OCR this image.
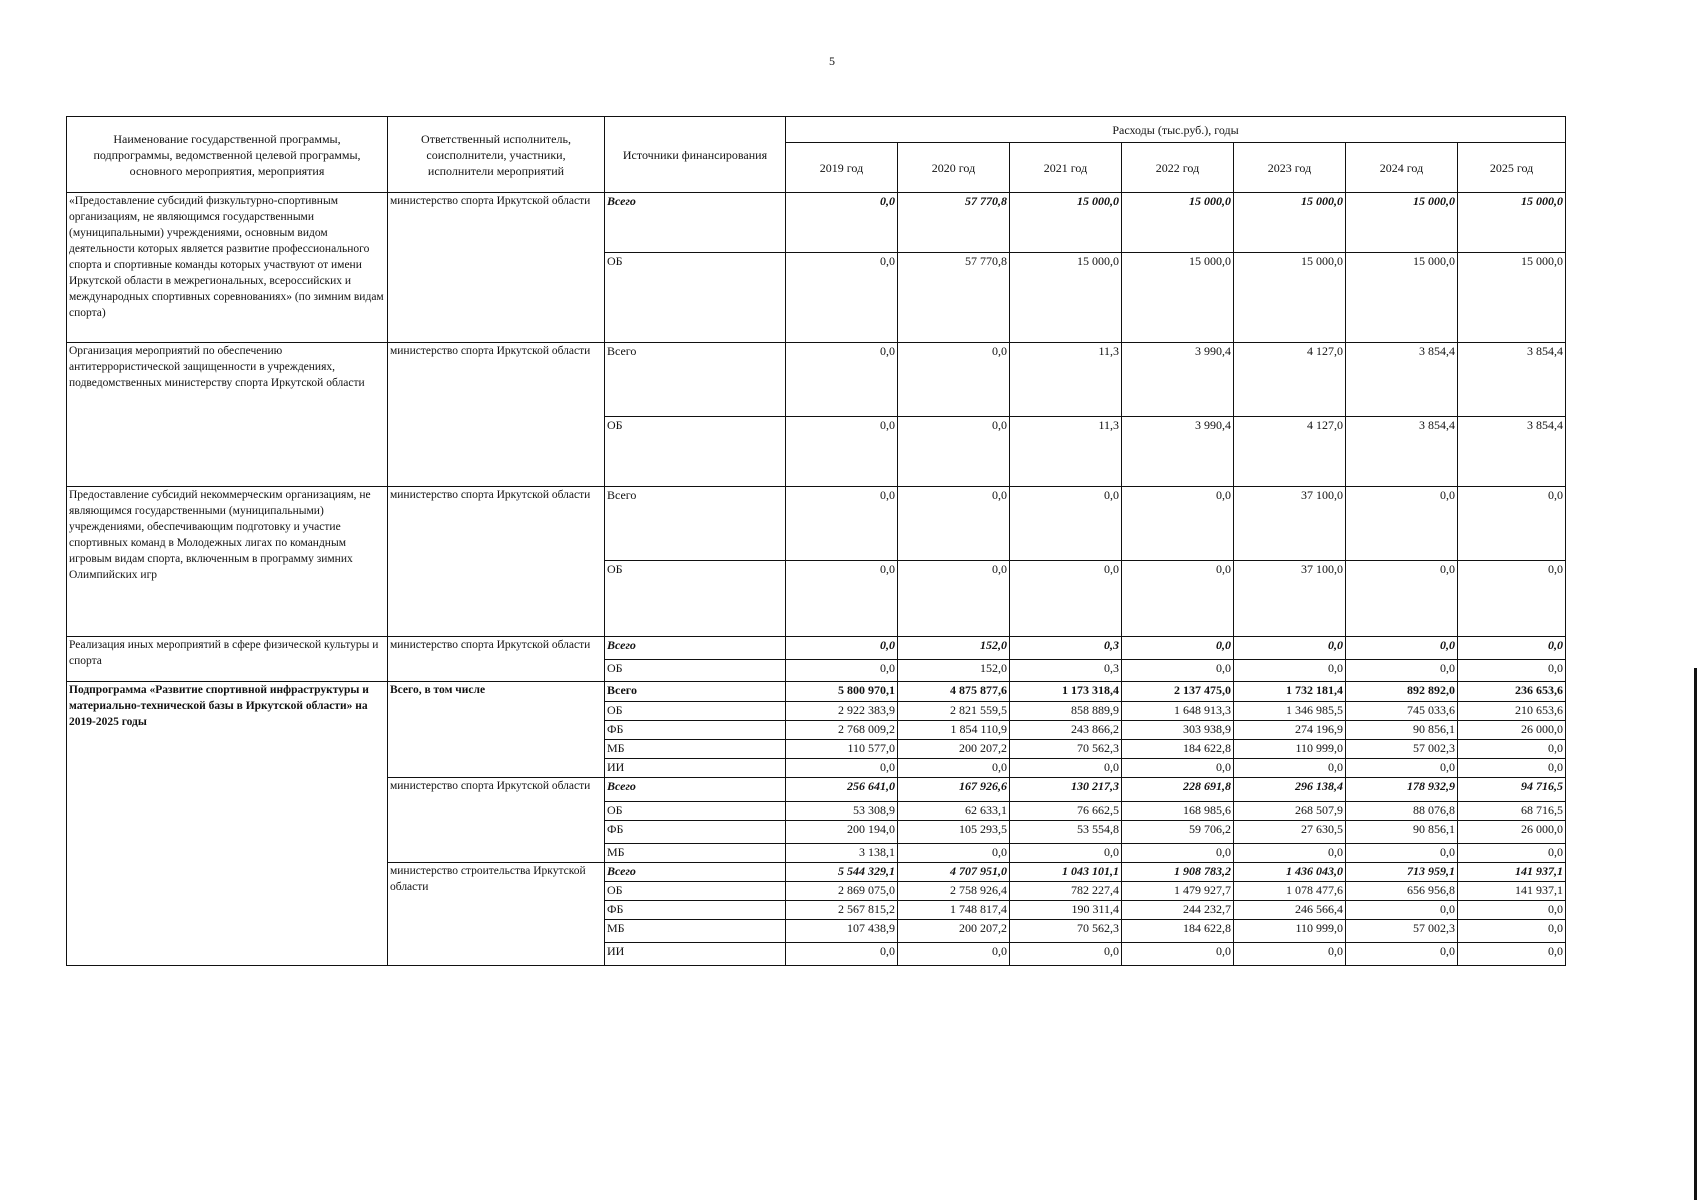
5
Наименование государственной программы, подпрограммы, ведомственной целевой программы, основного мероприятия, мероприятия	Ответственный исполнитель, соисполнители, участники, исполнители мероприятий	Источники финансирования	Расходы (тыс.руб.), годы						
			2019 год	2020 год	2021 год	2022 год	2023 год	2024 год	2025 год
«Предоставление субсидий физкультурно-спортивным организациям, не являющимся государственными (муниципальными) учреждениями, основным видом деятельности которых является развитие профессионального спорта и спортивные команды которых участвуют от имени Иркутской области в межрегиональных, всероссийских и международных спортивных соревнованиях» (по зимним видам спорта)	министерство спорта Иркутской области	Всего	0,0	57 770,8	15 000,0	15 000,0	15 000,0	15 000,0	15 000,0
		ОБ	0,0	57 770,8	15 000,0	15 000,0	15 000,0	15 000,0	15 000,0
Организация мероприятий по обеспечению антитеррористической защищенности в учреждениях, подведомственных министерству спорта Иркутской области	министерство спорта Иркутской области	Всего	0,0	0,0	11,3	3 990,4	4 127,0	3 854,4	3 854,4
		ОБ	0,0	0,0	11,3	3 990,4	4 127,0	3 854,4	3 854,4
Предоставление субсидий некоммерческим организациям, не являющимся государственными (муниципальными) учреждениями, обеспечивающим подготовку и участие спортивных команд в Молодежных лигах по командным игровым видам спорта, включенным в программу зимних Олимпийских игр	министерство спорта Иркутской области	Всего	0,0	0,0	0,0	0,0	37 100,0	0,0	0,0
		ОБ	0,0	0,0	0,0	0,0	37 100,0	0,0	0,0
Реализация иных мероприятий в сфере физической культуры и спорта	министерство спорта Иркутской области	Всего	0,0	152,0	0,3	0,0	0,0	0,0	0,0
		ОБ	0,0	152,0	0,3	0,0	0,0	0,0	0,0
Подпрограмма «Развитие спортивной инфраструктуры и материально-технической базы в Иркутской области» на 2019-2025 годы	Всего, в том числе	Всего	5 800 970,1	4 875 877,6	1 173 318,4	2 137 475,0	1 732 181,4	892 892,0	236 653,6
		ОБ	2 922 383,9	2 821 559,5	858 889,9	1 648 913,3	1 346 985,5	745 033,6	210 653,6
		ФБ	2 768 009,2	1 854 110,9	243 866,2	303 938,9	274 196,9	90 856,1	26 000,0
		МБ	110 577,0	200 207,2	70 562,3	184 622,8	110 999,0	57 002,3	0,0
		ИИ	0,0	0,0	0,0	0,0	0,0	0,0	0,0
	министерство спорта Иркутской области	Всего	256 641,0	167 926,6	130 217,3	228 691,8	296 138,4	178 932,9	94 716,5
		ОБ	53 308,9	62 633,1	76 662,5	168 985,6	268 507,9	88 076,8	68 716,5
		ФБ	200 194,0	105 293,5	53 554,8	59 706,2	27 630,5	90 856,1	26 000,0
		МБ	3 138,1	0,0	0,0	0,0	0,0	0,0	0,0
	министерство строительства Иркутской области	Всего	5 544 329,1	4 707 951,0	1 043 101,1	1 908 783,2	1 436 043,0	713 959,1	141 937,1
		ОБ	2 869 075,0	2 758 926,4	782 227,4	1 479 927,7	1 078 477,6	656 956,8	141 937,1
		ФБ	2 567 815,2	1 748 817,4	190 311,4	244 232,7	246 566,4	0,0	0,0
		МБ	107 438,9	200 207,2	70 562,3	184 622,8	110 999,0	57 002,3	0,0
		ИИ	0,0	0,0	0,0	0,0	0,0	0,0	0,0
